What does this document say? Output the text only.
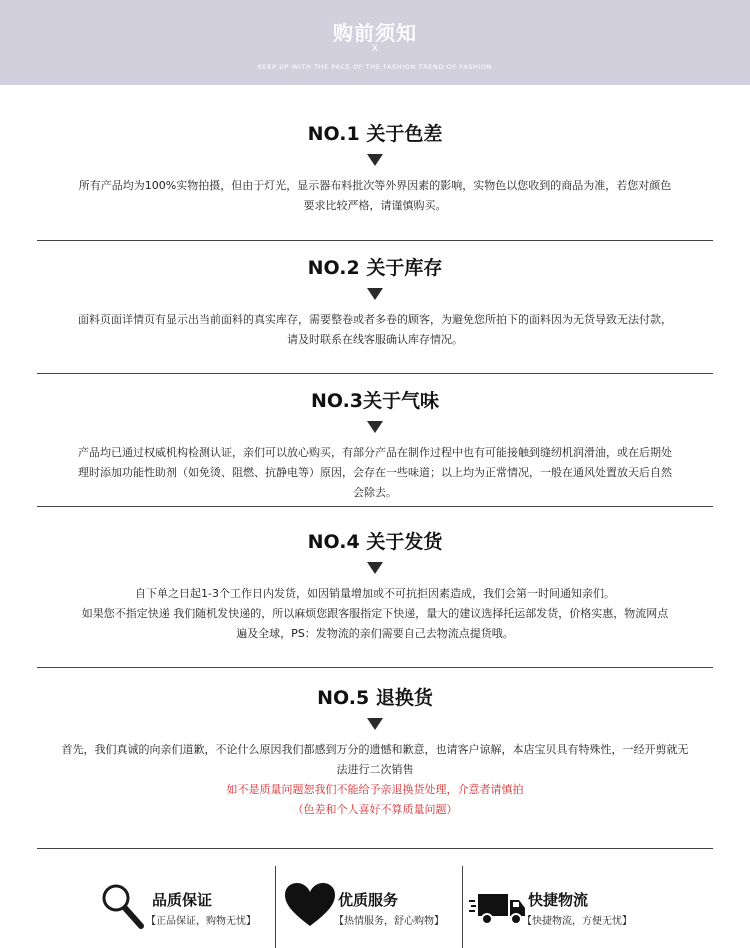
购前须知
X
KEEP UP WITH THE PACE OF THE FASHION TREND OF FASHION
NO.1 关于色差
所有产品均为100%实物拍摄，但由于灯光，显示器布料批次等外界因素的影响，实物色以您收到的商品为准，若您对颜色
要求比较严格，请谨慎购买。
NO.2 关于库存
面料页面详情页有显示出当前面料的真实库存，需要整卷或者多卷的顾客，为避免您所拍下的面料因为无货导致无法付款，
请及时联系在线客服确认库存情况。
NO.3关于气味
产品均已通过权威机构检测认证，亲们可以放心购买，有部分产品在制作过程中也有可能接触到缝纫机润滑油，或在后期处
理时添加功能性助剂（如免烫、阻燃、抗静电等）原因，会存在一些味道；以上均为正常情况，一般在通风处置放天后自然
会除去。
NO.4 关于发货
自下单之日起1-3个工作日内发货，如因销量增加或不可抗拒因素造成，我们会第一时间通知亲们。
如果您不指定快递 我们随机发快递的，所以麻烦您跟客服指定下快递，量大的建议选择托运部发货，价格实惠，物流网点
遍及全球，PS：发物流的亲们需要自己去物流点提货哦。
NO.5 退换货
首先，我们真诚的向亲们道歉，不论什么原因我们都感到万分的遗憾和歉意，也请客户谅解，本店宝贝具有特殊性，一经开剪就无
法进行二次销售
如不是质量问题恕我们不能给予亲退换货处理，介意者请慎拍
（色差和个人喜好不算质量问题）
品质保证
【正品保证，购物无忧】
优质服务
【热情服务，舒心购物】
快捷物流
【快捷物流，方便无忧】
